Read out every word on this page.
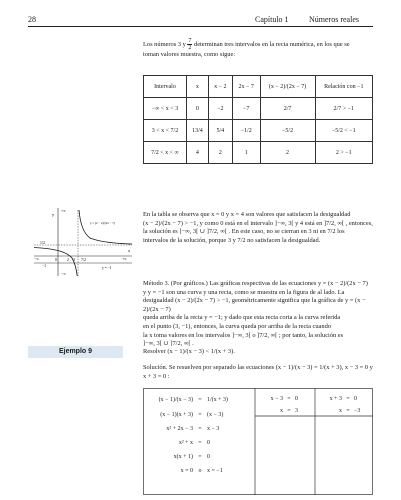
28	Capítulo 1	Números reales
Los números 3 y $\frac{7}{2}$ determinan tres intervalos en la recta numérica, en los que se
toman valores muestra, como sigue:
Intervalo	x	x − 2	2x − 7	(x − 2)/(2x − 7)	Relación con −1
−∞ < x < 3	0	−2	−7	2/7	2/7 > −1
3 < x < 7/2	13/4	5/4	−1/2	−5/2	−5/2 < −1
7/2 < x < ∞	4	2	1	2	2 > −1
y
+∞
−∞
+∞
−∞
1/2
0	2 3 7/2
x
−1
y = (x − 2)/(2x − 7)
y = −1
En la tabla se observa que x = 0 y x = 4 son valores que satisfacen la desigualdad
(x − 2)/(2x − 7) > −1, y como 0 está en el intervalo ]−∞, 3[ y 4 está en ]7/2, ∞[ , entonces,
la solución es ]−∞, 3[ ∪ ]7/2, ∞[ . En este caso, no se cierran en 3 ni en 7/2 los
intervalos de la solución, porque 3 y 7/2 no satisfacen la desigualdad.
Método 3. (Por gráficos.) Las gráficas respectivas de las ecuaciones y = (x − 2)/(2x − 7)
y y = −1 son una curva y una recta, como se muestra en la figura de al lado. La
desigualdad (x − 2)/(2x − 7) > −1, geométricamente significa que la gráfica de y = (x − 2)/(2x − 7)
queda arriba de la recta y = −1; y dado que esta recta corta a la curva referida
en el punto (3, −1), entonces, la curva queda por arriba de la recta cuando
la x toma valores en los intervalos ]−∞, 3[ o ]7/2, ∞[ ; por tanto, la solución es
]−∞, 3[ ∪ ]7/2, ∞[ .
Ejemplo 9	Resolver (x − 1)/(x − 3) < 1/(x + 3).
Solución. Se resuelven por separado las ecuaciones (x − 1)/(x − 3) = 1/(x + 3), x − 3 = 0 y
x + 3 = 0 :
(x − 1)/(x − 3) = 1/(x + 3)
(x − 1)(x + 3) = (x − 3)
x² + 2x − 3 = x − 3
x² + x = 0
x(x + 1) = 0
x = 0 o x = −1
x − 3 = 0
x = 3
x + 3 = 0
x = −3
